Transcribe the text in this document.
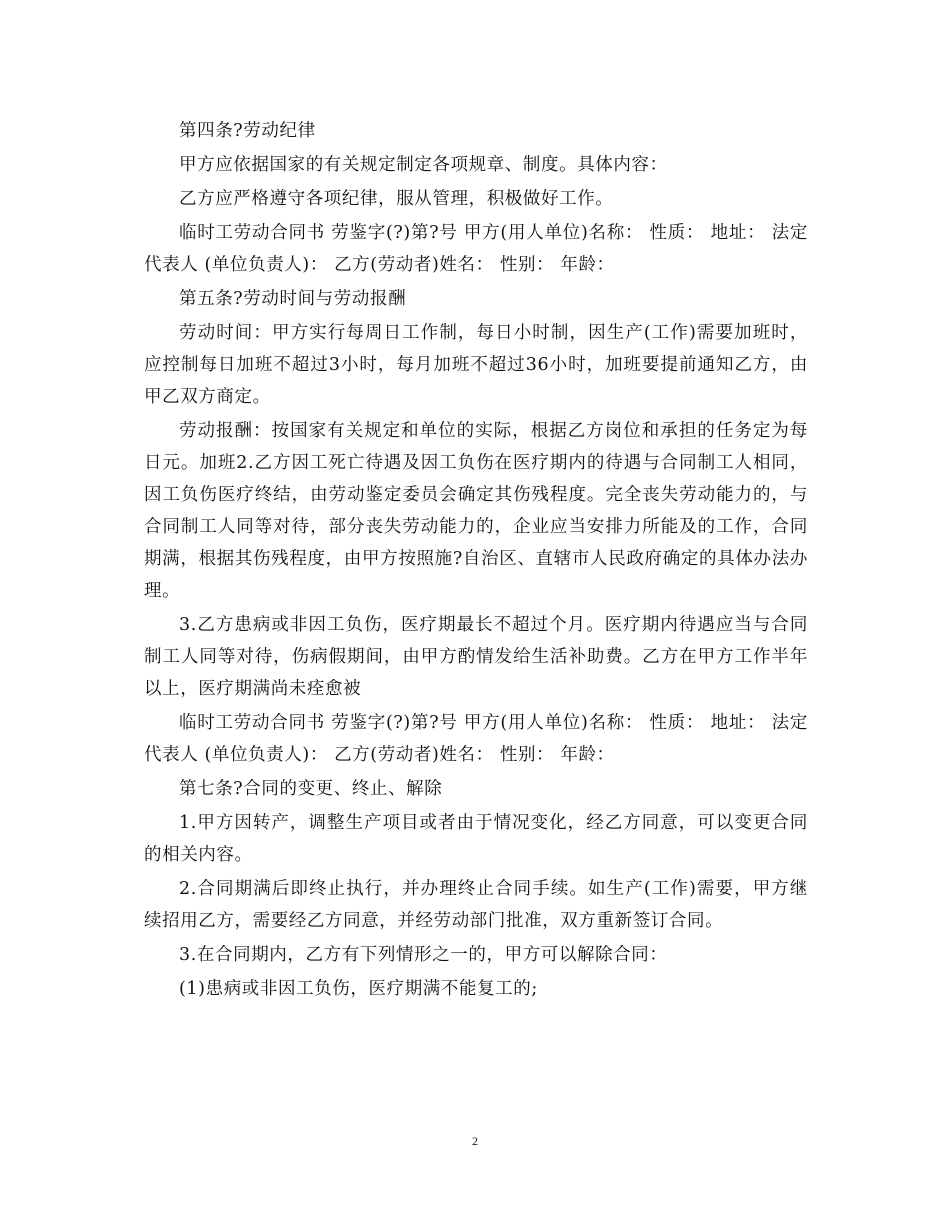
第四条?劳动纪律

甲方应依据国家的有关规定制定各项规章、制度。具体内容：

乙方应严格遵守各项纪律，服从管理，积极做好工作。

临时工劳动合同书 劳鉴字(?)第?号 甲方(用人单位)名称： 性质： 地址： 法定代表人 (单位负责人)： 乙方(劳动者)姓名： 性别： 年龄：

第五条?劳动时间与劳动报酬

劳动时间：甲方实行每周日工作制，每日小时制，因生产(工作)需要加班时，应控制每日加班不超过3小时，每月加班不超过36小时，加班要提前通知乙方，由甲乙双方商定。

劳动报酬：按国家有关规定和单位的实际，根据乙方岗位和承担的任务定为每日元。加班2.乙方因工死亡待遇及因工负伤在医疗期内的待遇与合同制工人相同，因工负伤医疗终结，由劳动鉴定委员会确定其伤残程度。完全丧失劳动能力的，与合同制工人同等对待，部分丧失劳动能力的，企业应当安排力所能及的工作，合同期满，根据其伤残程度，由甲方按照施?自治区、直辖市人民政府确定的具体办法办理。

3.乙方患病或非因工负伤，医疗期最长不超过个月。医疗期内待遇应当与合同制工人同等对待，伤病假期间，由甲方酌情发给生活补助费。乙方在甲方工作半年以上，医疗期满尚未痊愈被

临时工劳动合同书 劳鉴字(?)第?号 甲方(用人单位)名称： 性质： 地址： 法定代表人 (单位负责人)： 乙方(劳动者)姓名： 性别： 年龄：

第七条?合同的变更、终止、解除

1.甲方因转产，调整生产项目或者由于情况变化，经乙方同意，可以变更合同的相关内容。

2.合同期满后即终止执行，并办理终止合同手续。如生产(工作)需要，甲方继续招用乙方，需要经乙方同意，并经劳动部门批准，双方重新签订合同。

3.在合同期内，乙方有下列情形之一的，甲方可以解除合同：

(1)患病或非因工负伤，医疗期满不能复工的;

2
